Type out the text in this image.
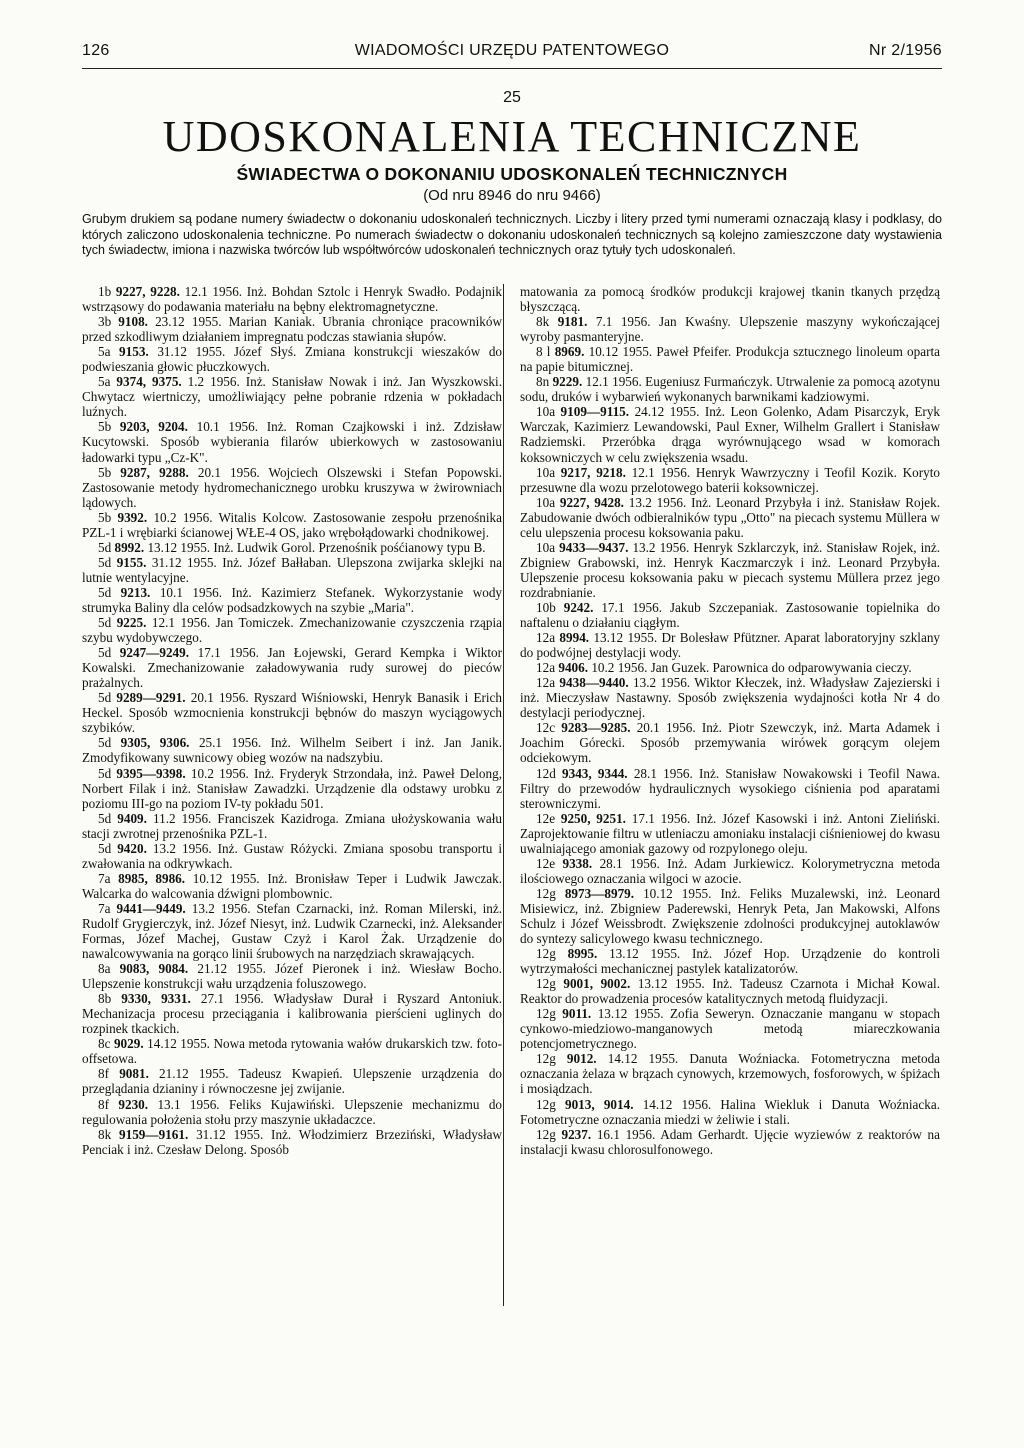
126	WIADOMOŚCI URZĘDU PATENTOWEGO	Nr 2/1956
25
UDOSKONALENIA TECHNICZNE
ŚWIADECTWA O DOKONANIU UDOSKONALEŃ TECHNICZNYCH
(Od nru 8946 do nru 9466)
Grubym drukiem są podane numery świadectw o dokonaniu udoskonaleń technicznych. Liczby i litery przed tymi numerami oznaczają klasy i podklasy, do których zaliczono udoskonalenia techniczne. Po numerach świadectw o dokonaniu udoskonaleń technicznych są kolejno zamieszczone daty wystawienia tych świadectw, imiona i nazwiska twórców lub współtwórców udoskonaleń technicznych oraz tytuły tych udoskonaleń.

1b 9227, 9228. 12.1 1956. Inż. Bohdan Sztolc i Henryk Swadło. Podajnik wstrząsowy do podawania materiału na bębny elektromagnetyczne.

3b 9108. 23.12 1955. Marian Kaniak. Ubrania chroniące pracowników przed szkodliwym działaniem impregnatu podczas stawiania słupów.

5a 9153. 31.12 1955. Józef Słyś. Zmiana konstrukcji wieszaków do podwieszania głowic płuczkowych.

5a 9374, 9375. 1.2 1956. Inż. Stanisław Nowak i inż. Jan Wyszkowski. Chwytacz wiertniczy, umożliwiający pełne pobranie rdzenia w pokładach luźnych.

5b 9203, 9204. 10.1 1956. Inż. Roman Czajkowski i inż. Zdzisław Kucytowski. Sposób wybierania filarów ubierkowych w zastosowaniu ładowarki typu „Cz-K".

5b 9287, 9288. 20.1 1956. Wojciech Olszewski i Stefan Popowski. Zastosowanie metody hydromechanicznego urobku kruszywa w żwirowniach lądowych.

5b 9392. 10.2 1956. Witalis Kolcow. Zastosowanie zespołu przenośnika PZL-1 i wrębiarki ścianowej WŁE-4 OS, jako wrębołądowarki chodnikowej.

5d 8992. 13.12 1955. Inż. Ludwik Gorol. Przenośnik pośćianowy typu B.

5d 9155. 31.12 1955. Inż. Józef Bałłaban. Ulepszona zwijarka sklejki na lutnie wentylacyjne.

5d 9213. 10.1 1956. Inż. Kazimierz Stefanek. Wykorzystanie wody strumyka Baliny dla celów podsadzkowych na szybie „Maria".

5d 9225. 12.1 1956. Jan Tomiczek. Zmechanizowanie czyszczenia rząpia szybu wydobywczego.

5d 9247—9249. 17.1 1956. Jan Łojewski, Gerard Kempka i Wiktor Kowalski. Zmechanizowanie załadowywania rudy surowej do pieców prażalnych.

5d 9289—9291. 20.1 1956. Ryszard Wiśniowski, Henryk Banasik i Erich Heckel. Sposób wzmocnienia konstrukcji bębnów do maszyn wyciągowych szybików.

5d 9305, 9306. 25.1 1956. Inż. Wilhelm Seibert i inż. Jan Janik. Zmodyfikowany suwnicowy obieg wozów na nadszybiu.

5d 9395—9398. 10.2 1956. Inż. Fryderyk Strzondała, inż. Paweł Delong, Norbert Filak i inż. Stanisław Zawadzki. Urządzenie dla odstawy urobku z poziomu III-go na poziom IV-ty pokładu 501.

5d 9409. 11.2 1956. Franciszek Kazidroga. Zmiana ułożyskowania wału stacji zwrotnej przenośnika PZL-1.

5d 9420. 13.2 1956. Inż. Gustaw Różycki. Zmiana sposobu transportu i zwałowania na odkrywkach.

7a 8985, 8986. 10.12 1955. Inż. Bronisław Teper i Ludwik Jawczak. Walcarka do walcowania dźwigni plombownic.

7a 9441—9449. 13.2 1956. Stefan Czarnacki, inż. Roman Milerski, inż. Rudolf Grygierczyk, inż. Józef Niesyt, inż. Ludwik Czarnecki, inż. Aleksander Formas, Józef Machej, Gustaw Czyż i Karol Żak. Urządzenie do nawalcowywania na gorąco linii śrubowych na narzędziach skrawających.

8a 9083, 9084. 21.12 1955. Józef Pieronek i inż. Wiesław Bocho. Ulepszenie konstrukcji wału urządzenia foluszowego.

8b 9330, 9331. 27.1 1956. Władysław Durał i Ryszard Antoniuk. Mechanizacja procesu przeciągania i kalibrowania pierścieni uglinych do rozpinek tkackich.

8c 9029. 14.12 1955. Nowa metoda rytowania wałów drukarskich tzw. foto-offsetowa.

8f 9081. 21.12 1955. Tadeusz Kwapień. Ulepszenie urządzenia do przeglądania dzianiny i równoczesne jej zwijanie.

8f 9230. 13.1 1956. Feliks Kujawiński. Ulepszenie mechanizmu do regulowania położenia stołu przy maszynie układaczce.

8k 9159—9161. 31.12 1955. Inż. Włodzimierz Brzeziński, Władysław Penciak i inż. Czesław Delong. Sposób

matowania za pomocą środków produkcji krajowej tkanin tkanych przędzą błyszczącą.

8k 9181. 7.1 1956. Jan Kwaśny. Ulepszenie maszyny wykończającej wyroby pasmanteryjne.

8 l 8969. 10.12 1955. Paweł Pfeifer. Produkcja sztucznego linoleum oparta na papie bitumicznej.

8n 9229. 12.1 1956. Eugeniusz Furmańczyk. Utrwalenie za pomocą azotynu sodu, druków i wybarwień wykonanych barwnikami kadziowymi.

10a 9109—9115. 24.12 1955. Inż. Leon Golenko, Adam Pisarczyk, Eryk Warczak, Kazimierz Lewandowski, Paul Exner, Wilhelm Grallert i Stanisław Radziemski. Przeróbka drąga wyrównującego wsad w komorach koksowniczych w celu zwiększenia wsadu.

10a 9217, 9218. 12.1 1956. Henryk Wawrzyczny i Teofil Kozik. Koryto przesuwne dla wozu przelotowego baterii koksowniczej.

10a 9227, 9428. 13.2 1956. Inż. Leonard Przybyła i inż. Stanisław Rojek. Zabudowanie dwóch odbieralników typu „Otto" na piecach systemu Müllera w celu ulepszenia procesu koksowania paku.

10a 9433—9437. 13.2 1956. Henryk Szklarczyk, inż. Stanisław Rojek, inż. Zbigniew Grabowski, inż. Henryk Kaczmarczyk i inż. Leonard Przybyła. Ulepszenie procesu koksowania paku w piecach systemu Müllera przez jego rozdrabnianie.

10b 9242. 17.1 1956. Jakub Szczepaniak. Zastosowanie topielnika do naftalenu o działaniu ciągłym.

12a 8994. 13.12 1955. Dr Bolesław Pfützner. Aparat laboratoryjny szklany do podwójnej destylacji wody.

12a 9406. 10.2 1956. Jan Guzek. Parownica do odparowywania cieczy.

12a 9438—9440. 13.2 1956. Wiktor Kłeczek, inż. Władysław Zajezierski i inż. Mieczysław Nastawny. Sposób zwiększenia wydajności kotła Nr 4 do destylacji periodycznej.

12c 9283—9285. 20.1 1956. Inż. Piotr Szewczyk, inż. Marta Adamek i Joachim Górecki. Sposób przemywania wirówek gorącym olejem odciekowym.

12d 9343, 9344. 28.1 1956. Inż. Stanisław Nowakowski i Teofil Nawa. Filtry do przewodów hydraulicznych wysokiego ciśnienia pod aparatami sterowniczymi.

12e 9250, 9251. 17.1 1956. Inż. Józef Kasowski i inż. Antoni Zieliński. Zaprojektowanie filtru w utleniaczu amoniaku instalacji ciśnieniowej do kwasu uwalniającego amoniak gazowy od rozpylonego oleju.

12e 9338. 28.1 1956. Inż. Adam Jurkiewicz. Kolorymetryczna metoda ilościowego oznaczania wilgoci w azocie.

12g 8973—8979. 10.12 1955. Inż. Feliks Muzalewski, inż. Leonard Misiewicz, inż. Zbigniew Paderewski, Henryk Peta, Jan Makowski, Alfons Schulz i Józef Weissbrodt. Zwiększenie zdolności produkcyjnej autoklawów do syntezy salicylowego kwasu technicznego.

12g 8995. 13.12 1955. Inż. Józef Hop. Urządzenie do kontroli wytrzymałości mechanicznej pastylek katalizatorów.

12g 9001, 9002. 13.12 1955. Inż. Tadeusz Czarnota i Michał Kowal. Reaktor do prowadzenia procesów katalitycznych metodą fluidyzacji.

12g 9011. 13.12 1955. Zofia Seweryn. Oznaczanie manganu w stopach cynkowo-miedziowo-manganowych metodą miareczkowania potencjometrycznego.

12g 9012. 14.12 1955. Danuta Woźniacka. Fotometryczna metoda oznaczania żelaza w brązach cynowych, krzemowych, fosforowych, w śpiżach i mosiądzach.

12g 9013, 9014. 14.12 1956. Halina Wiekluk i Danuta Woźniacka. Fotometryczne oznaczania miedzi w żeliwie i stali.

12g 9237. 16.1 1956. Adam Gerhardt. Ujęcie wyziewów z reaktorów na instalacji kwasu chlorosulfonowego.
